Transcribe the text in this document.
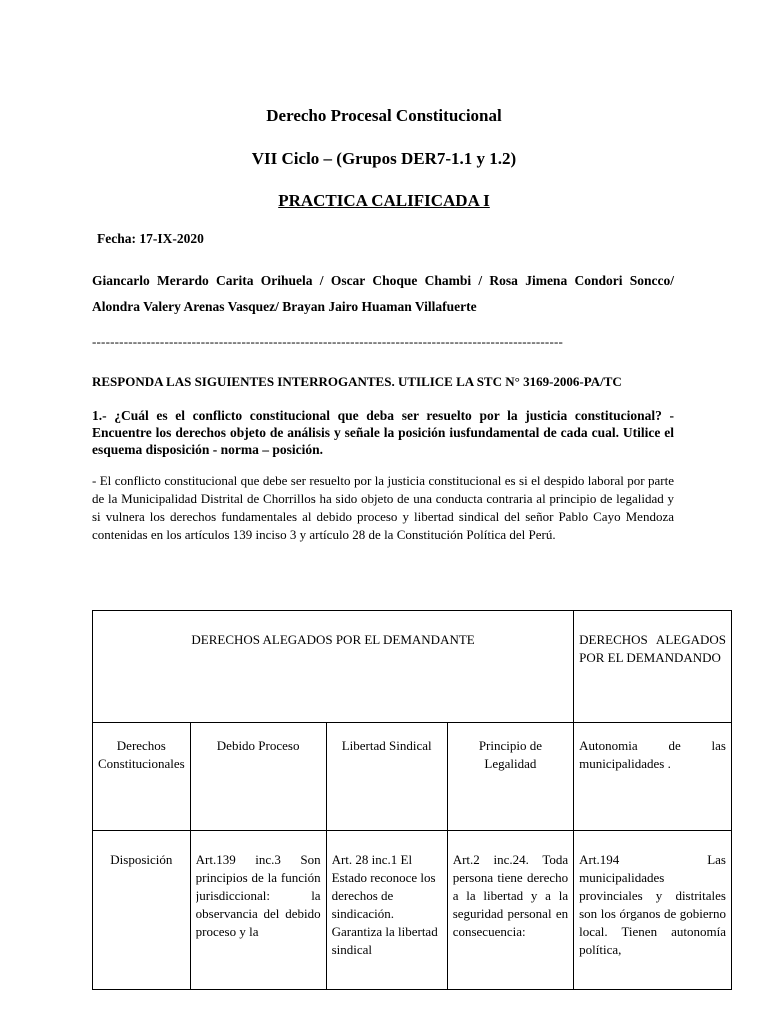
Derecho Procesal Constitucional
VII Ciclo – (Grupos DER7-1.1 y 1.2)
PRACTICA CALIFICADA I
Fecha: 17-IX-2020
Giancarlo Merardo Carita Orihuela / Oscar Choque Chambi / Rosa Jimena Condori Soncco/ Alondra Valery Arenas Vasquez/ Brayan Jairo Huaman Villafuerte
--------------------------------------------------------------------------------------------------------
RESPONDA LAS SIGUIENTES INTERROGANTES. UTILICE LA STC N° 3169-2006-PA/TC
1.- ¿Cuál es el conflicto constitucional que deba ser resuelto por la justicia constitucional? - Encuentre los derechos objeto de análisis y señale la posición iusfundamental de cada cual. Utilice el esquema disposición - norma – posición.
- El conflicto constitucional que debe ser resuelto por la justicia constitucional es si el despido laboral por parte de la Municipalidad Distrital de Chorrillos ha sido objeto de una conducta contraria al principio de legalidad y si vulnera los derechos fundamentales al debido proceso y libertad sindical del señor Pablo Cayo Mendoza contenidas en los artículos 139 inciso 3 y artículo 28 de la Constitución Política del Perú.
DERECHOS ALEGADOS POR EL DEMANDANTE				DERECHOS ALEGADOS POR EL DEMANDANDO
Derechos Constitucionales	Debido Proceso	Libertad Sindical	Principio de Legalidad	Autonomia de las municipalidades .
Disposición	Art.139 inc.3 Son principios de la función jurisdiccional: la observancia del debido proceso y la	Art. 28 inc.1 El Estado reconoce los derechos de sindicación. Garantiza la libertad sindical	Art.2 inc.24. Toda persona tiene derecho a la libertad y a la seguridad personal en consecuencia:	Art.194 Las municipalidades provinciales y distritales son los órganos de gobierno local. Tienen autonomía política,
